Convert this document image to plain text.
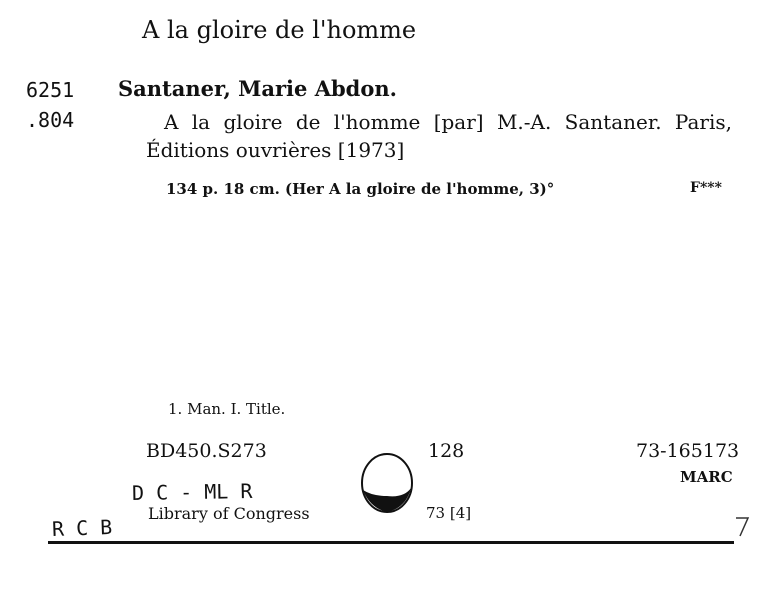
A la gloire de l'homme
6251
.804
Santaner, Marie Abdon.
A la gloire de l'homme [par] M.-A. Santaner. Paris,
Éditions ouvrières [1973]
134 p. 18 cm. (Her A la gloire de l'homme, 3)°	F***
1. Man. I. Title.
BD450.S273	128	73-165173
MARC
D C - ML R
Library of Congress	73 [4]
R C B
